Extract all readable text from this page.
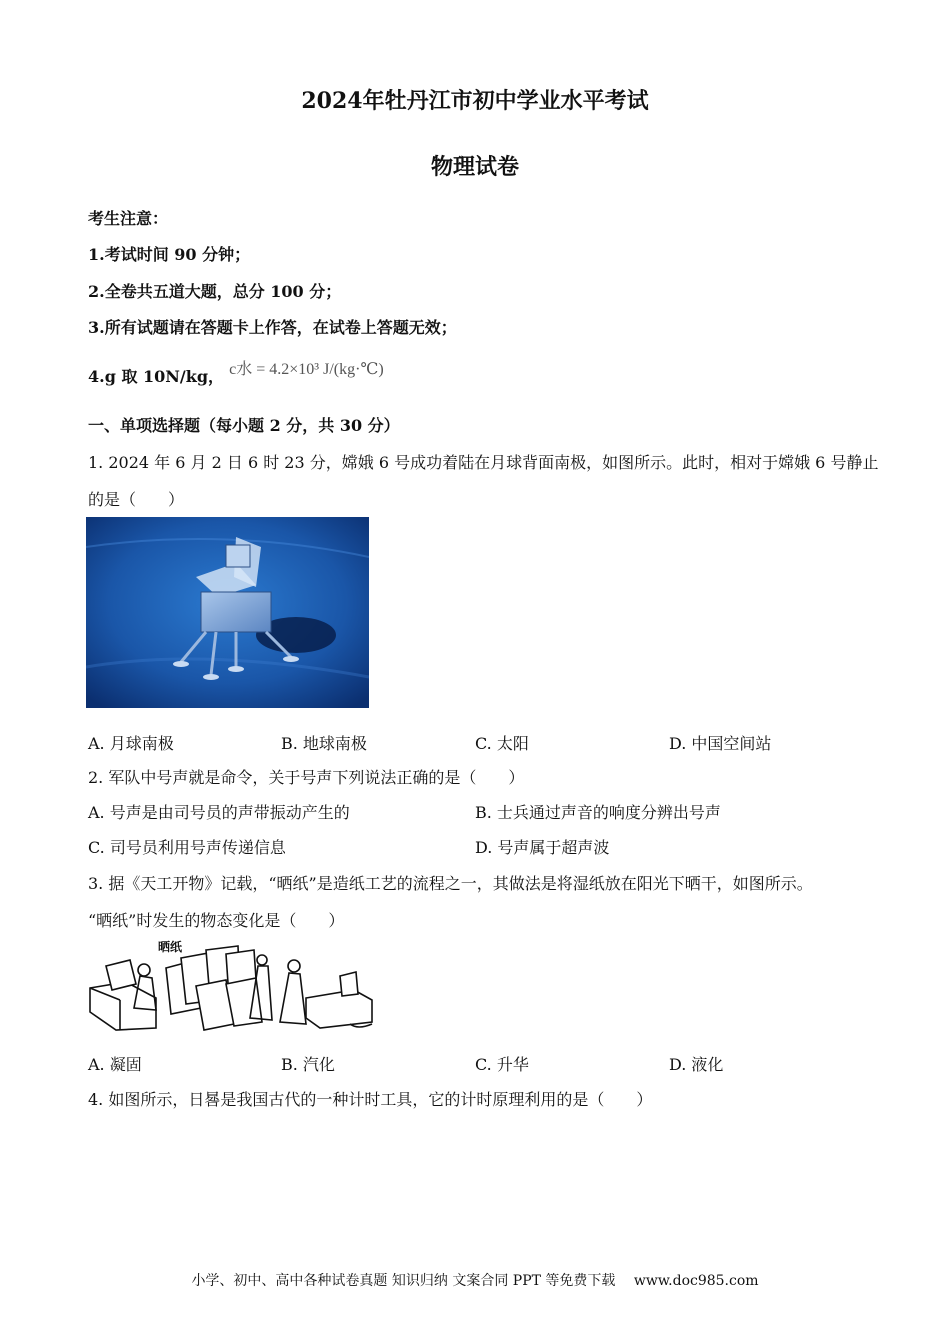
2024年牡丹江市初中学业水平考试
物理试卷
考生注意：
1.考试时间 90 分钟；
2.全卷共五道大题，总分 100 分；
3.所有试题请在答题卡上作答，在试卷上答题无效；
4.g 取 10N/kg， c水 = 4.2×10³ J/(kg·℃)
一、单项选择题（每小题 2 分，共 30 分）
1. 2024 年 6 月 2 日 6 时 23 分，嫦娥 6 号成功着陆在月球背面南极，如图所示。此时，相对于嫦娥 6 号静止
的是（　　）
A. 月球南极	B. 地球南极	C. 太阳	D. 中国空间站
2. 军队中号声就是命令，关于号声下列说法正确的是（　　）
A. 号声是由司号员的声带振动产生的	B. 士兵通过声音的响度分辨出号声
C. 司号员利用号声传递信息	D. 号声属于超声波
3. 据《天工开物》记载，“晒纸”是造纸工艺的流程之一，其做法是将湿纸放在阳光下晒干，如图所示。
“晒纸”时发生的物态变化是（　　）
晒纸
A. 凝固	B. 汽化	C. 升华	D. 液化
4. 如图所示，日晷是我国古代的一种计时工具，它的计时原理利用的是（　　）
小学、初中、高中各种试卷真题 知识归纳 文案合同 PPT 等免费下载　 www.doc985.com
